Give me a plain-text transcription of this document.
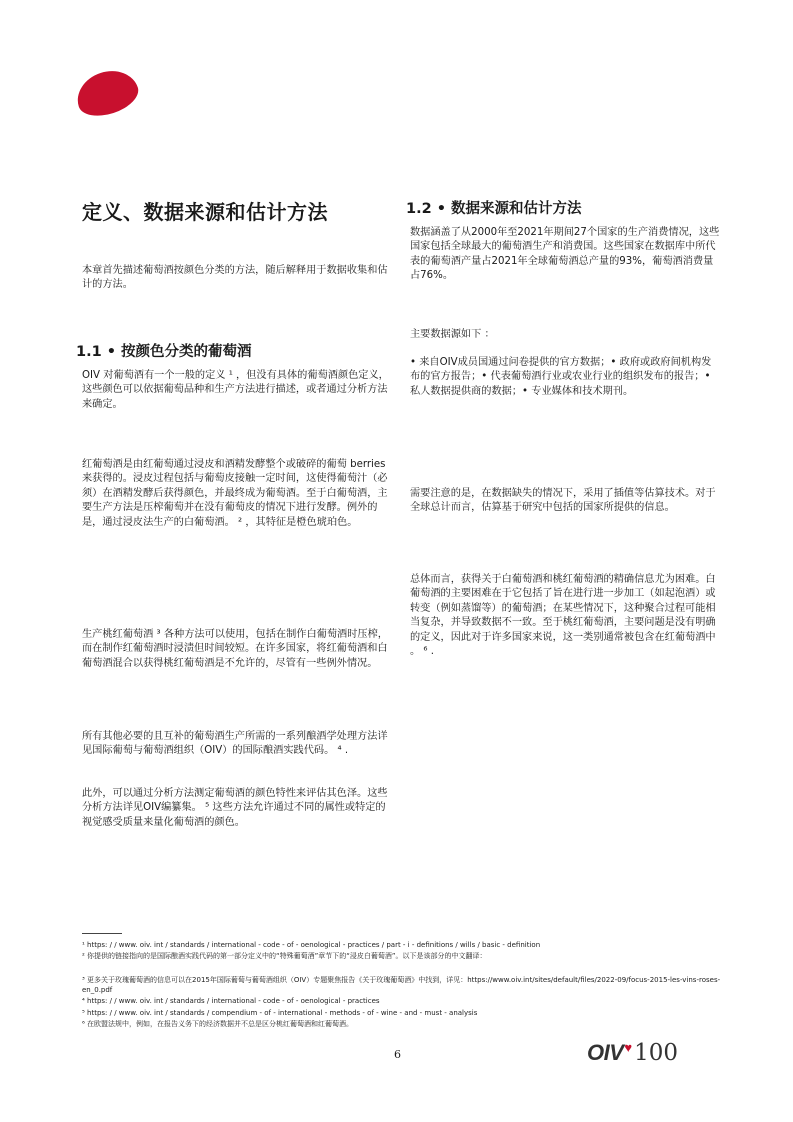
定义、数据来源和估计方法
本章首先描述葡萄酒按颜色分类的方法，随后解释用于数据收集和估计的方法。
1.1 • 按颜色分类的葡萄酒
OIV 对葡萄酒有一个一般的定义 ¹ ，但没有具体的葡萄酒颜色定义，这些颜色可以依据葡萄品种和生产方法进行描述，或者通过分析方法来确定。
红葡萄酒是由红葡萄通过浸皮和酒精发酵整个或破碎的葡萄 berries 来获得的。浸皮过程包括与葡萄皮接触一定时间，这使得葡萄汁（必须）在酒精发酵后获得颜色，并最终成为葡萄酒。至于白葡萄酒，主要生产方法是压榨葡萄并在没有葡萄皮的情况下进行发酵。例外的是，通过浸皮法生产的白葡萄酒。 ² ，其特征是橙色琥珀色。
生产桃红葡萄酒 ³ 各种方法可以使用，包括在制作白葡萄酒时压榨，而在制作红葡萄酒时浸渍但时间较短。在许多国家，将红葡萄酒和白葡萄酒混合以获得桃红葡萄酒是不允许的，尽管有一些例外情况。
所有其他必要的且互补的葡萄酒生产所需的一系列酿酒学处理方法详见国际葡萄与葡萄酒组织（OIV）的国际酿酒实践代码。 ⁴ .
此外，可以通过分析方法测定葡萄酒的颜色特性来评估其色泽。这些分析方法详见OIV编纂集。 ⁵ 这些方法允许通过不同的属性或特定的视觉感受质量来量化葡萄酒的颜色。
1.2 • 数据来源和估计方法
数据涵盖了从2000年至2021年期间27个国家的生产消费情况，这些国家包括全球最大的葡萄酒生产和消费国。这些国家在数据库中所代表的葡萄酒产量占2021年全球葡萄酒总产量的93%，葡萄酒消费量占76%。
主要数据源如下 ：
• 来自OIV成员国通过问卷提供的官方数据；• 政府或政府间机构发布的官方报告；• 代表葡萄酒行业或农业行业的组织发布的报告；• 私人数据提供商的数据；• 专业媒体和技术期刊。
需要注意的是，在数据缺失的情况下，采用了插值等估算技术。对于全球总计而言，估算基于研究中包括的国家所提供的信息。
总体而言，获得关于白葡萄酒和桃红葡萄酒的精确信息尤为困难。白葡萄酒的主要困难在于它包括了旨在进行进一步加工（如起泡酒）或转变（例如蒸馏等）的葡萄酒；在某些情况下，这种聚合过程可能相当复杂，并导致数据不一致。至于桃红葡萄酒，主要问题是没有明确的定义，因此对于许多国家来说，这一类别通常被包含在红葡萄酒中 。 ⁶ .
¹ https: / / www. oiv. int / standards / international - code - of - oenological - practices / part - i - definitions / wills / basic - definition
² 你提供的链接指向的是国际酿酒实践代码的第一部分定义中的“特殊葡萄酒”章节下的“浸皮白葡萄酒”。以下是该部分的中文翻译：
³ 更多关于玫瑰葡萄酒的信息可以在2015年国际葡萄与葡萄酒组织（OIV）专题聚焦报告《关于玫瑰葡萄酒》中找到，详见：https://www.oiv.int/sites/default/files/2022-09/focus-2015-les-vins-roses-en_0.pdf
⁴ https: / / www. oiv. int / standards / international - code - of - oenological - practices
⁵ https: / / www. oiv. int / standards / compendium - of - international - methods - of - wine - and - must - analysis
⁶ 在欧盟法规中，例如，在报告义务下的经济数据并不总是区分桃红葡萄酒和红葡萄酒。
6	OIV♥100
